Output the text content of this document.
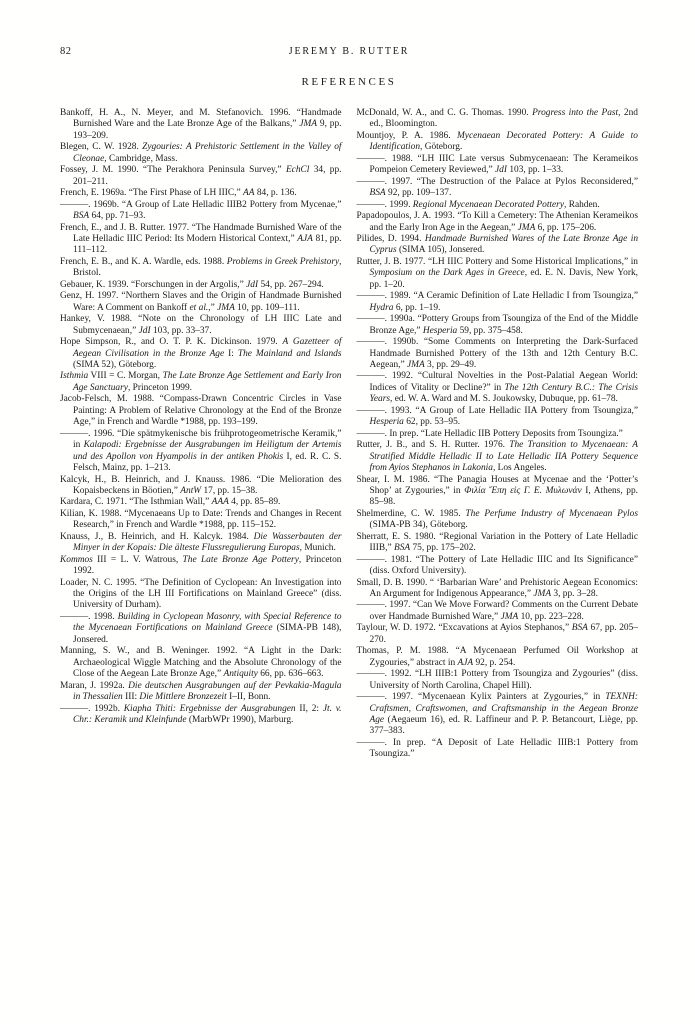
82	JEREMY B. RUTTER
REFERENCES

Bankoff, H. A., N. Meyer, and M. Stefanovich. 1996. “Handmade Burnished Ware and the Late Bronze Age of the Balkans,” JMA 9, pp. 193–209.

Blegen, C. W. 1928. Zygouries: A Prehistoric Settlement in the Valley of Cleonae, Cambridge, Mass.

Fossey, J. M. 1990. “The Perakhora Peninsula Survey,” EchCl 34, pp. 201–211.

French, E. 1969a. “The First Phase of LH IIIC,” AA 84, p. 136.

———. 1969b. “A Group of Late Helladic IIIB2 Pottery from Mycenae,” BSA 64, pp. 71–93.

French, E., and J. B. Rutter. 1977. “The Handmade Burnished Ware of the Late Helladic IIIC Period: Its Modern Historical Context,” AJA 81, pp. 111–112.

French, E. B., and K. A. Wardle, eds. 1988. Problems in Greek Prehistory, Bristol.

Gebauer, K. 1939. “Forschungen in der Argolis,” JdI 54, pp. 267–294.

Genz, H. 1997. “Northern Slaves and the Origin of Handmade Burnished Ware: A Comment on Bankoff et al.,” JMA 10, pp. 109–111.

Hankey, V. 1988. “Note on the Chronology of LH IIIC Late and Submycenaean,” JdI 103, pp. 33–37.

Hope Simpson, R., and O. T. P. K. Dickinson. 1979. A Gazetteer of Aegean Civilisation in the Bronze Age I: The Mainland and Islands (SIMA 52), Göteborg.

Isthmia VIII = C. Morgan, The Late Bronze Age Settlement and Early Iron Age Sanctuary, Princeton 1999.

Jacob-Felsch, M. 1988. “Compass-Drawn Concentric Circles in Vase Painting: A Problem of Relative Chronology at the End of the Bronze Age,” in French and Wardle *1988, pp. 193–199.

———. 1996. “Die spätmykenische bis frühprotogeometrische Keramik,” in Kalapodi: Ergebnisse der Ausgrabungen im Heiligtum der Artemis und des Apollon von Hyampolis in der antiken Phokis I, ed. R. C. S. Felsch, Mainz, pp. 1–213.

Kalcyk, H., B. Heinrich, and J. Knauss. 1986. “Die Melioration des Kopaisbeckens in Böotien,” AntW 17, pp. 15–38.

Kardara, C. 1971. “The Isthmian Wall,” AAA 4, pp. 85–89.

Kilian, K. 1988. “Mycenaeans Up to Date: Trends and Changes in Recent Research,” in French and Wardle *1988, pp. 115–152.

Knauss, J., B. Heinrich, and H. Kalcyk. 1984. Die Wasserbauten der Minyer in der Kopais: Die älteste Flussregulierung Europas, Munich.

Kommos III = L. V. Watrous, The Late Bronze Age Pottery, Princeton 1992.

Loader, N. C. 1995. “The Definition of Cyclopean: An Investigation into the Origins of the LH III Fortifications on Mainland Greece” (diss. University of Durham).

———. 1998. Building in Cyclopean Masonry, with Special Reference to the Mycenaean Fortifications on Mainland Greece (SIMA-PB 148), Jonsered.

Manning, S. W., and B. Weninger. 1992. “A Light in the Dark: Archaeological Wiggle Matching and the Absolute Chronology of the Close of the Aegean Late Bronze Age,” Antiquity 66, pp. 636–663.

Maran, J. 1992a. Die deutschen Ausgrabungen auf der Pevkakia-Magula in Thessalien III: Die Mittlere Bronzezeit I–II, Bonn.

———. 1992b. Kiapha Thiti: Ergebnisse der Ausgrabungen II, 2: Jt. v. Chr.: Keramik und Kleinfunde (MarbWPr 1990), Marburg.

McDonald, W. A., and C. G. Thomas. 1990. Progress into the Past, 2nd ed., Bloomington.

Mountjoy, P. A. 1986. Mycenaean Decorated Pottery: A Guide to Identification, Göteborg.

———. 1988. “LH IIIC Late versus Submycenaean: The Kerameikos Pompeion Cemetery Reviewed,” JdI 103, pp. 1–33.

———. 1997. “The Destruction of the Palace at Pylos Reconsidered,” BSA 92, pp. 109–137.

———. 1999. Regional Mycenaean Decorated Pottery, Rahden.

Papadopoulos, J. A. 1993. “To Kill a Cemetery: The Athenian Kerameikos and the Early Iron Age in the Aegean,” JMA 6, pp. 175–206.

Pilides, D. 1994. Handmade Burnished Wares of the Late Bronze Age in Cyprus (SIMA 105), Jonsered.

Rutter, J. B. 1977. “LH IIIC Pottery and Some Historical Implications,” in Symposium on the Dark Ages in Greece, ed. E. N. Davis, New York, pp. 1–20.

———. 1989. “A Ceramic Definition of Late Helladic I from Tsoungiza,” Hydra 6, pp. 1–19.

———. 1990a. “Pottery Groups from Tsoungiza of the End of the Middle Bronze Age,” Hesperia 59, pp. 375–458.

———. 1990b. “Some Comments on Interpreting the Dark-Surfaced Handmade Burnished Pottery of the 13th and 12th Century B.C. Aegean,” JMA 3, pp. 29–49.

———. 1992. “Cultural Novelties in the Post-Palatial Aegean World: Indices of Vitality or Decline?” in The 12th Century B.C.: The Crisis Years, ed. W. A. Ward and M. S. Joukowsky, Dubuque, pp. 61–78.

———. 1993. “A Group of Late Helladic IIA Pottery from Tsoungiza,” Hesperia 62, pp. 53–95.

———. In prep. “Late Helladic IIB Pottery Deposits from Tsoungiza.”

Rutter, J. B., and S. H. Rutter. 1976. The Transition to Mycenaean: A Stratified Middle Helladic II to Late Helladic IIA Pottery Sequence from Ayios Stephanos in Lakonia, Los Angeles.

Shear, I. M. 1986. “The Panagia Houses at Mycenae and the ‘Potter’s Shop’ at Zygouries,” in Φιλία Ἔπη εἰς Γ. Ε. Μυλωνάν I, Athens, pp. 85–98.

Shelmerdine, C. W. 1985. The Perfume Industry of Mycenaean Pylos (SIMA-PB 34), Göteborg.

Sherratt, E. S. 1980. “Regional Variation in the Pottery of Late Helladic IIIB,” BSA 75, pp. 175–202.

———. 1981. “The Pottery of Late Helladic IIIC and Its Significance” (diss. Oxford University).

Small, D. B. 1990. “ ‘Barbarian Ware’ and Prehistoric Aegean Economics: An Argument for Indigenous Appearance,” JMA 3, pp. 3–28.

———. 1997. “Can We Move Forward? Comments on the Current Debate over Handmade Burnished Ware,” JMA 10, pp. 223–228.

Taylour, W. D. 1972. “Excavations at Ayios Stephanos,” BSA 67, pp. 205–270.

Thomas, P. M. 1988. “A Mycenaean Perfumed Oil Workshop at Zygouries,” abstract in AJA 92, p. 254.

———. 1992. “LH IIIB:1 Pottery from Tsoungiza and Zygouries” (diss. University of North Carolina, Chapel Hill).

———. 1997. “Mycenaean Kylix Painters at Zygouries,” in TEXNH: Craftsmen, Craftswomen, and Craftsmanship in the Aegean Bronze Age (Aegaeum 16), ed. R. Laffineur and P. P. Betancourt, Liège, pp. 377–383.

———. In prep. “A Deposit of Late Helladic IIIB:1 Pottery from Tsoungiza.”
